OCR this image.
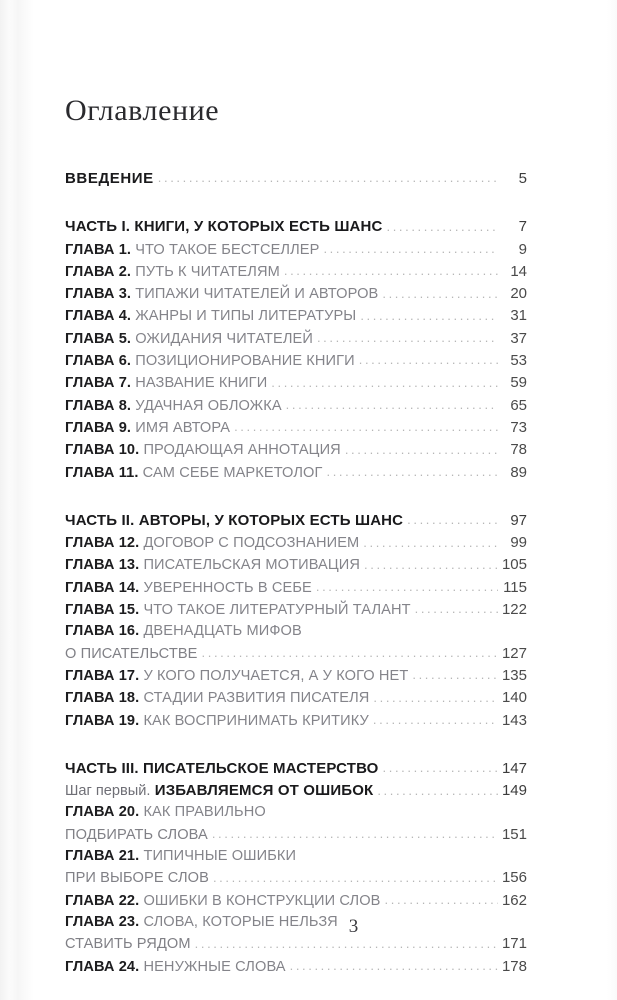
Оглавление
ВВЕДЕНИЕ .....	5
ЧАСТЬ I. КНИГИ, У КОТОРЫХ ЕСТЬ ШАНС .....	7
ГЛАВА 1. ЧТО ТАКОЕ БЕСТСЕЛЛЕР .....	9
ГЛАВА 2. ПУТЬ К ЧИТАТЕЛЯМ .....	14
ГЛАВА 3. ТИПАЖИ ЧИТАТЕЛЕЙ И АВТОРОВ .....	20
ГЛАВА 4. ЖАНРЫ И ТИПЫ ЛИТЕРАТУРЫ .....	31
ГЛАВА 5. ОЖИДАНИЯ ЧИТАТЕЛЕЙ .....	37
ГЛАВА 6. ПОЗИЦИОНИРОВАНИЕ КНИГИ .....	53
ГЛАВА 7. НАЗВАНИЕ КНИГИ .....	59
ГЛАВА 8. УДАЧНАЯ ОБЛОЖКА .....	65
ГЛАВА 9. ИМЯ АВТОРА .....	73
ГЛАВА 10. ПРОДАЮЩАЯ АННОТАЦИЯ .....	78
ГЛАВА 11. САМ СЕБЕ МАРКЕТОЛОГ .....	89
ЧАСТЬ II. АВТОРЫ, У КОТОРЫХ ЕСТЬ ШАНС .....	97
ГЛАВА 12. ДОГОВОР С ПОДСОЗНАНИЕМ .....	99
ГЛАВА 13. ПИСАТЕЛЬСКАЯ МОТИВАЦИЯ .....	105
ГЛАВА 14. УВЕРЕННОСТЬ В СЕБЕ .....	115
ГЛАВА 15. ЧТО ТАКОЕ ЛИТЕРАТУРНЫЙ ТАЛАНТ .....	122
ГЛАВА 16. ДВЕНАДЦАТЬ МИФОВ
О ПИСАТЕЛЬСТВЕ .....	127
ГЛАВА 17. У КОГО ПОЛУЧАЕТСЯ, А У КОГО НЕТ .....	135
ГЛАВА 18. СТАДИИ РАЗВИТИЯ ПИСАТЕЛЯ .....	140
ГЛАВА 19. КАК ВОСПРИНИМАТЬ КРИТИКУ .....	143
ЧАСТЬ III. ПИСАТЕЛЬСКОЕ МАСТЕРСТВО .....	147
Шаг первый. ИЗБАВЛЯЕМСЯ ОТ ОШИБОК .....	149
ГЛАВА 20. КАК ПРАВИЛЬНО
ПОДБИРАТЬ СЛОВА .....	151
ГЛАВА 21. ТИПИЧНЫЕ ОШИБКИ
ПРИ ВЫБОРЕ СЛОВ .....	156
ГЛАВА 22. ОШИБКИ В КОНСТРУКЦИИ СЛОВ .....	162
ГЛАВА 23. СЛОВА, КОТОРЫЕ НЕЛЬЗЯ
СТАВИТЬ РЯДОМ .....	171
ГЛАВА 24. НЕНУЖНЫЕ СЛОВА .....	178
3
